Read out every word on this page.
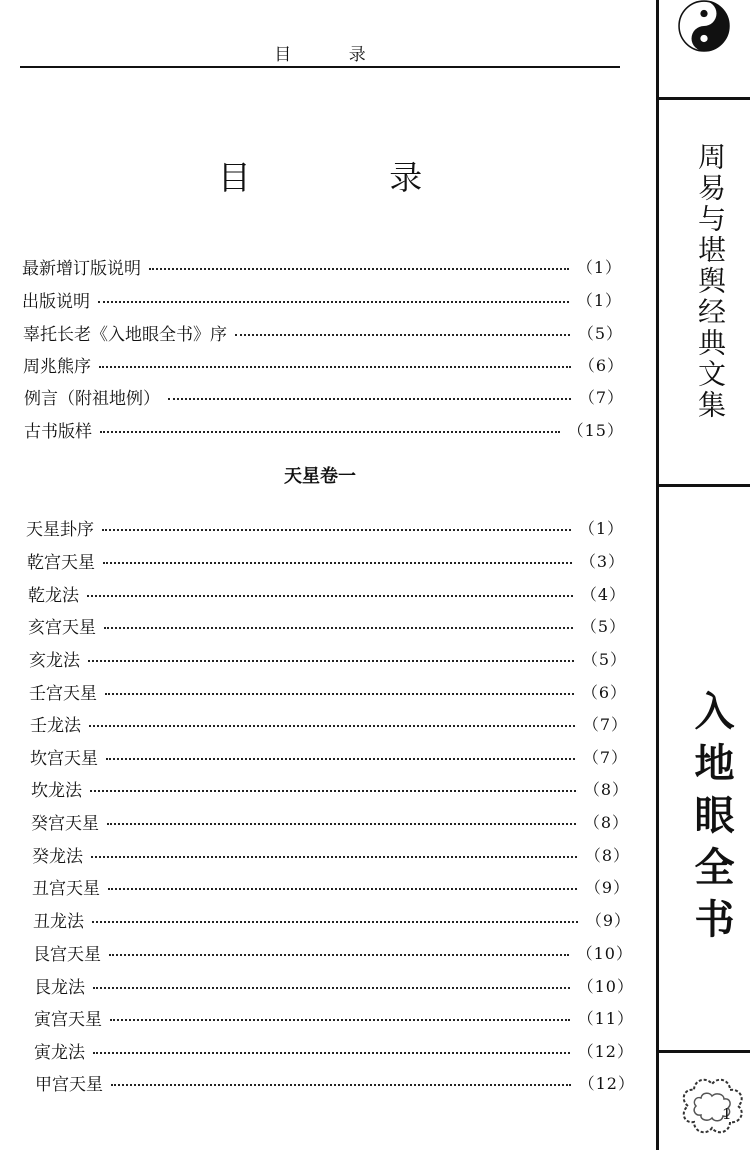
目 录
目 录
最新增订版说明	（1）
出版说明	（1）
辜托长老《入地眼全书》序	（5）
周兆熊序	（6）
例言（附祖地例）	（7）
古书版样	（15）
天星卷一
天星卦序	（1）
乾宫天星	（3）
乾龙法	（4）
亥宫天星	（5）
亥龙法	（5）
壬宫天星	（6）
壬龙法	（7）
坎宫天星	（7）
坎龙法	（8）
癸宫天星	（8）
癸龙法	（8）
丑宫天星	（9）
丑龙法	（9）
艮宫天星	（10）
艮龙法	（10）
寅宫天星	（11）
寅龙法	（12）
甲宫天星	（12）
周易与堪舆经典文集
入地眼全书
1
